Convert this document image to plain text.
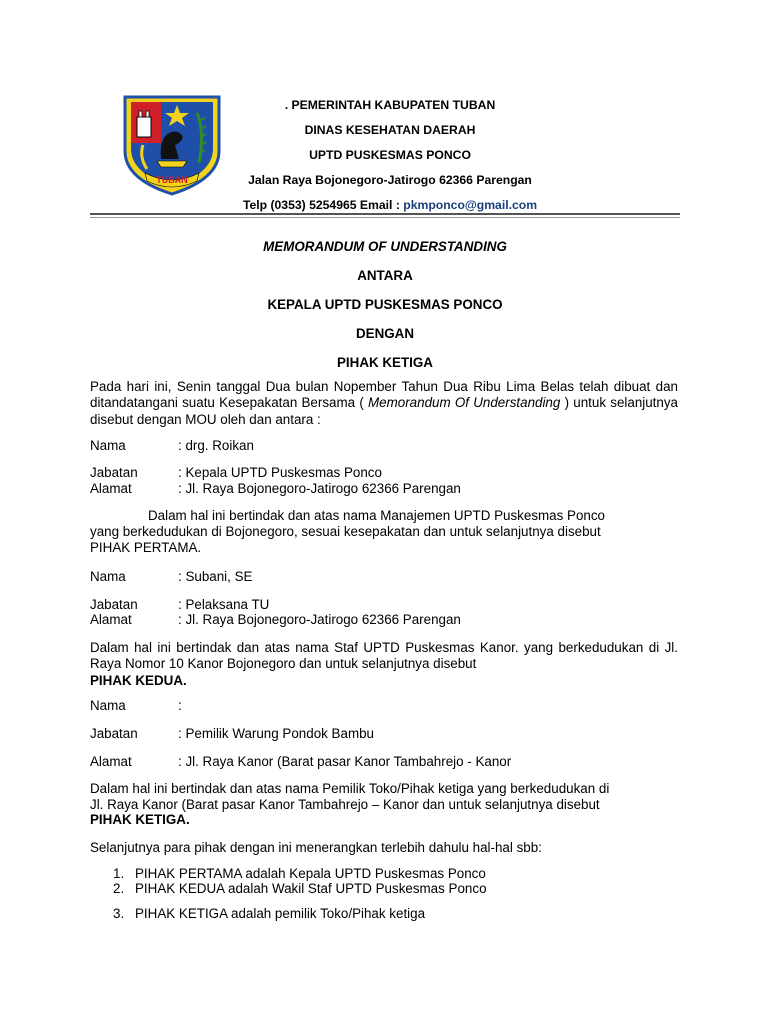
TUBAN
. PEMERINTAH KABUPATEN TUBAN
DINAS KESEHATAN DAERAH
UPTD PUSKESMAS PONCO
Jalan Raya Bojonegoro-Jatirogo 62366 Parengan
Telp (0353) 5254965 Email : pkmponco@gmail.com
MEMORANDUM OF UNDERSTANDING
ANTARA
KEPALA UPTD PUSKESMAS PONCO
DENGAN
PIHAK KETIGA
Pada hari ini, Senin tanggal Dua bulan Nopember Tahun Dua Ribu Lima Belas telah dibuat dan ditandatangani suatu Kesepakatan Bersama ( Memorandum Of Understanding ) untuk selanjutnya disebut dengan MOU oleh dan antara :
Nama	: drg. Roikan
Jabatan	: Kepala UPTD Puskesmas Ponco
Alamat	: Jl. Raya Bojonegoro-Jatirogo 62366 Parengan
Dalam hal ini bertindak dan atas nama Manajemen UPTD Puskesmas Ponco
yang berkedudukan di Bojonegoro, sesuai kesepakatan dan untuk selanjutnya disebut
PIHAK PERTAMA.
Nama	: Subani, SE
Jabatan	: Pelaksana TU
Alamat	: Jl. Raya Bojonegoro-Jatirogo 62366 Parengan
Dalam hal ini bertindak dan atas nama Staf UPTD Puskesmas Kanor. yang berkedudukan di Jl. Raya Nomor 10 Kanor Bojonegoro dan untuk selanjutnya disebut
PIHAK KEDUA.
Nama	:
Jabatan	: Pemilik Warung Pondok Bambu
Alamat	: Jl. Raya Kanor (Barat pasar Kanor Tambahrejo - Kanor
Dalam hal ini bertindak dan atas nama Pemilik Toko/Pihak ketiga yang berkedudukan di
Jl. Raya Kanor (Barat pasar Kanor Tambahrejo – Kanor dan untuk selanjutnya disebut
PIHAK KETIGA.
Selanjutnya para pihak dengan ini menerangkan terlebih dahulu hal-hal sbb:
1. PIHAK PERTAMA adalah Kepala UPTD Puskesmas Ponco
2. PIHAK KEDUA adalah Wakil Staf UPTD Puskesmas Ponco
3. PIHAK KETIGA adalah pemilik Toko/Pihak ketiga
